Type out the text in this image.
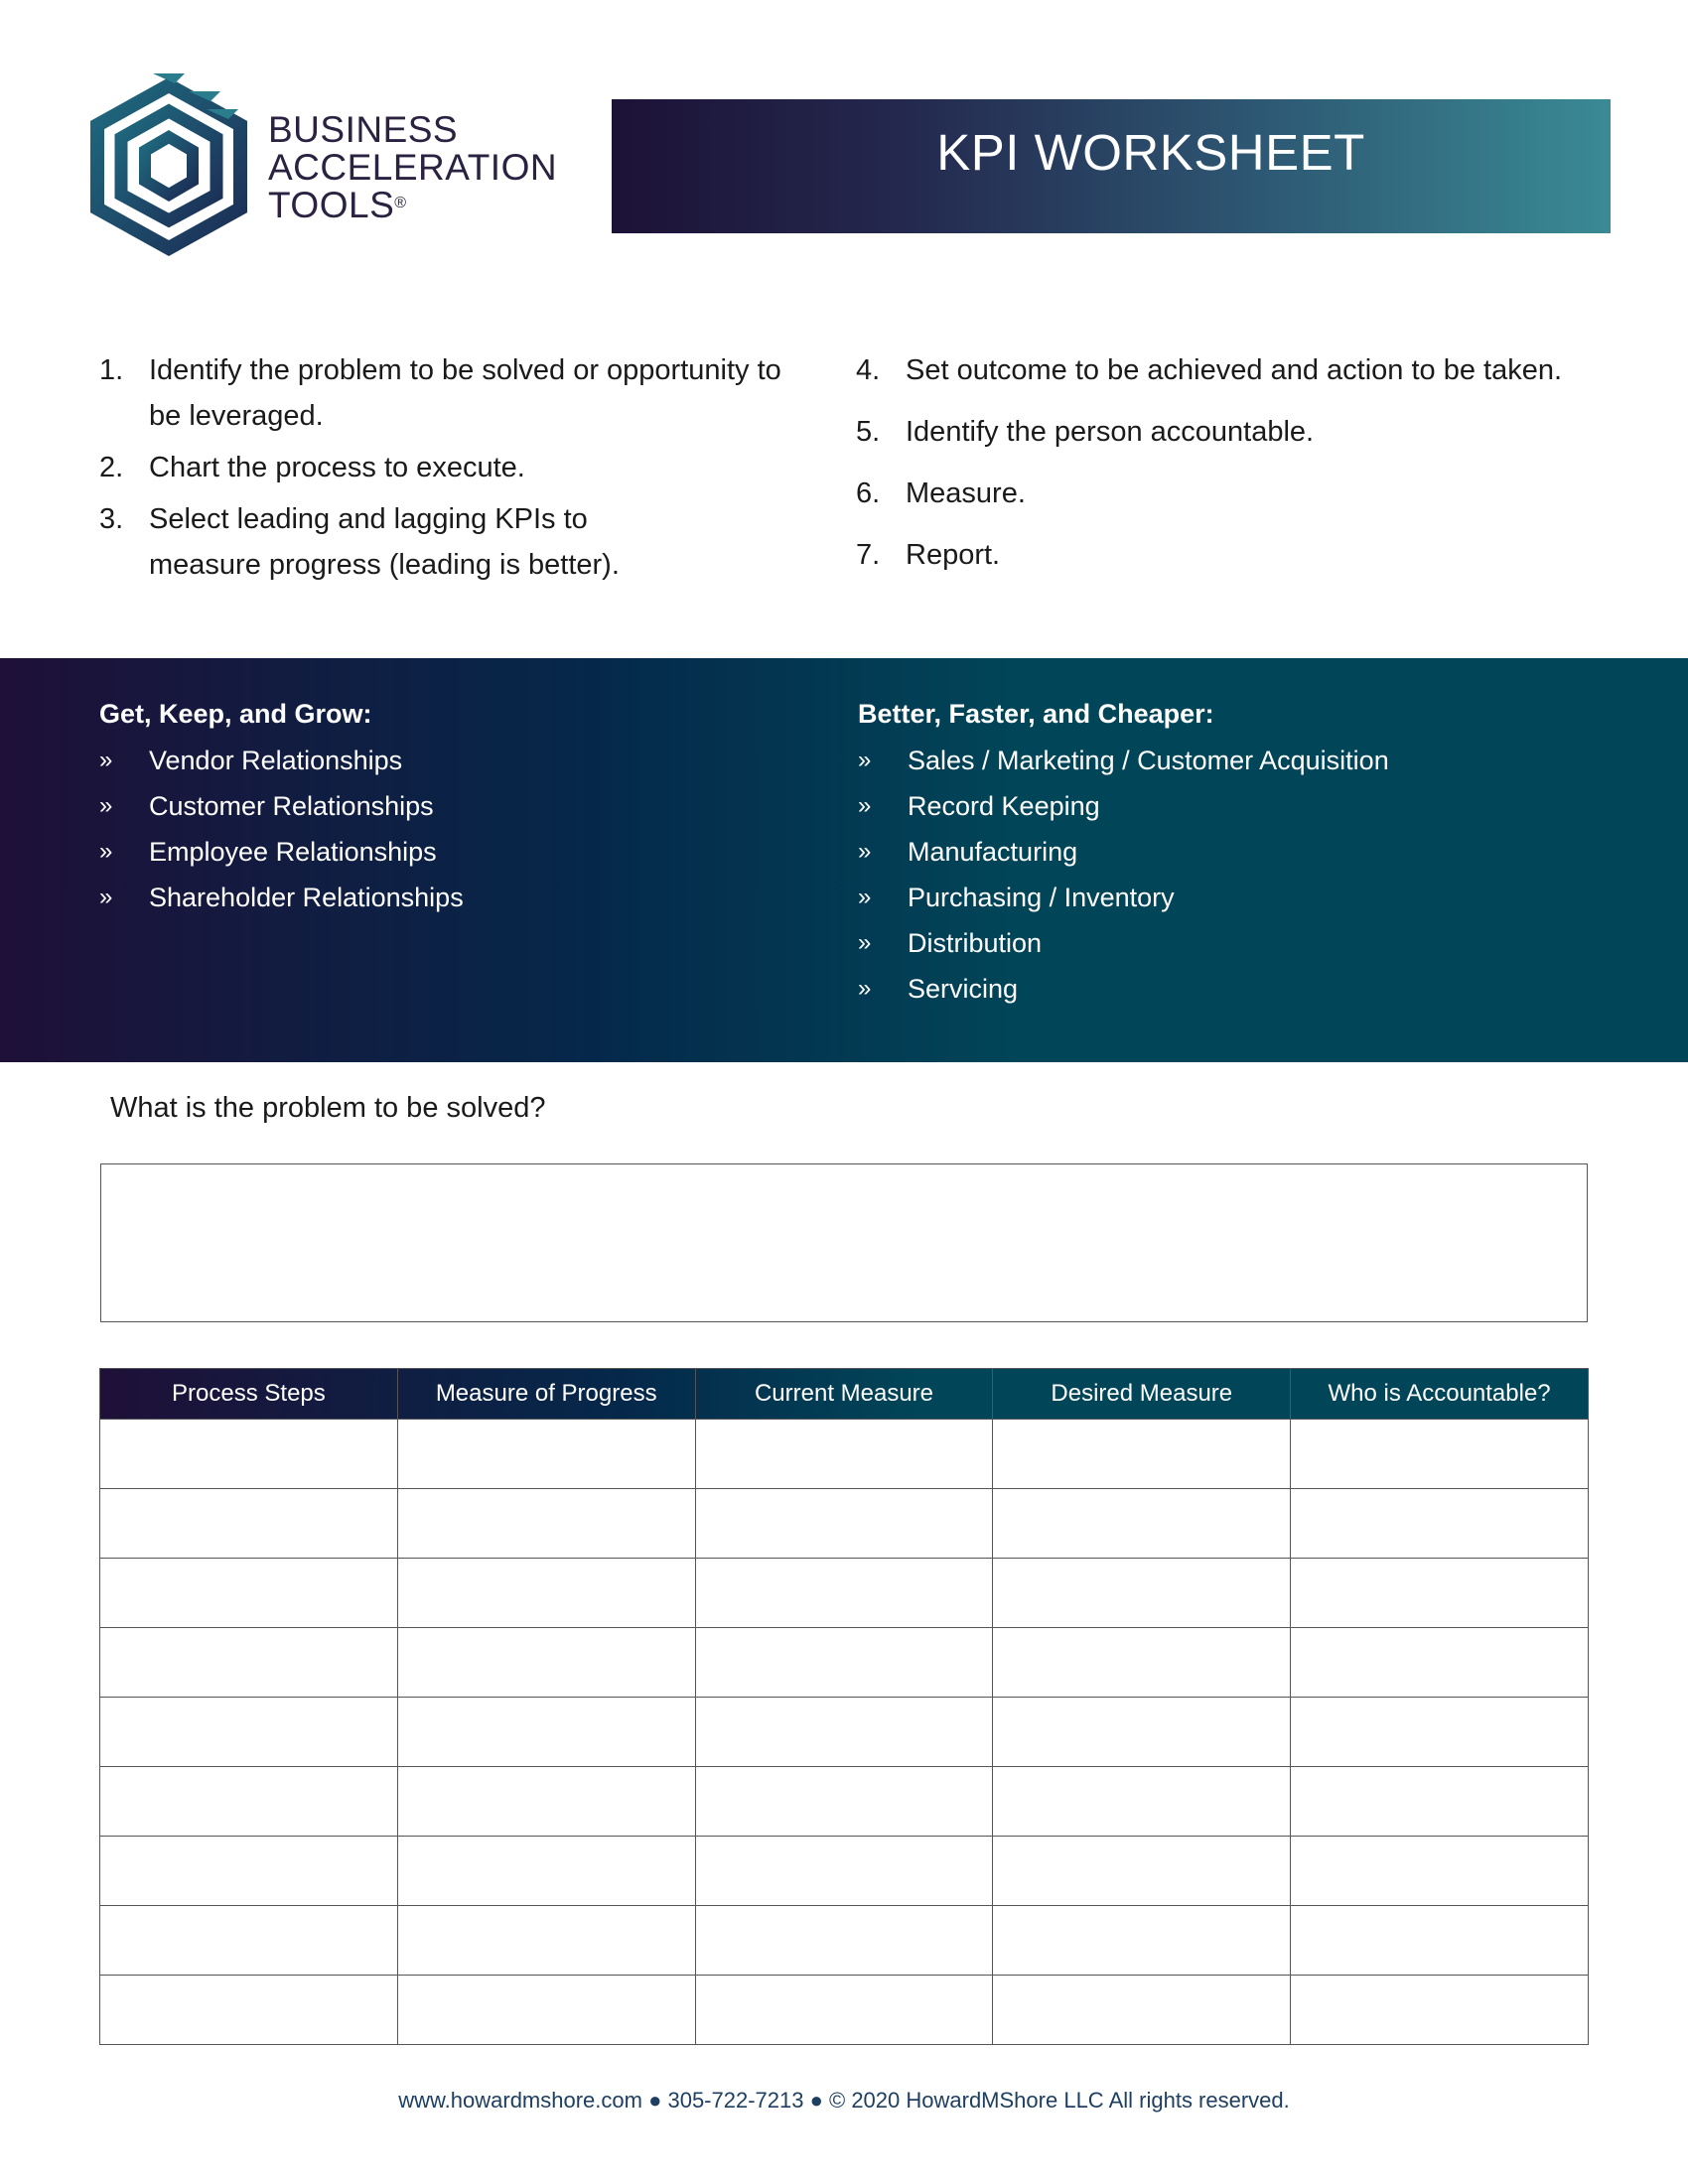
BUSINESS
ACCELERATION
TOOLS®
KPI WORKSHEET
1. Identify the problem to be solved or opportunity to be leveraged.
2. Chart the process to execute.
3. Select leading and lagging KPIs to measure progress (leading is better).
4. Set outcome to be achieved and action to be taken.
5. Identify the person accountable.
6. Measure.
7. Report.
Get, Keep, and Grow:
» Vendor Relationships
» Customer Relationships
» Employee Relationships
» Shareholder Relationships
Better, Faster, and Cheaper:
» Sales / Marketing / Customer Acquisition
» Record Keeping
» Manufacturing
» Purchasing / Inventory
» Distribution
» Servicing
What is the problem to be solved?
Process Steps	Measure of Progress	Current Measure	Desired Measure	Who is Accountable?

www.howardmshore.com ● 305-722-7213 ● © 2020 HowardMShore LLC All rights reserved.
